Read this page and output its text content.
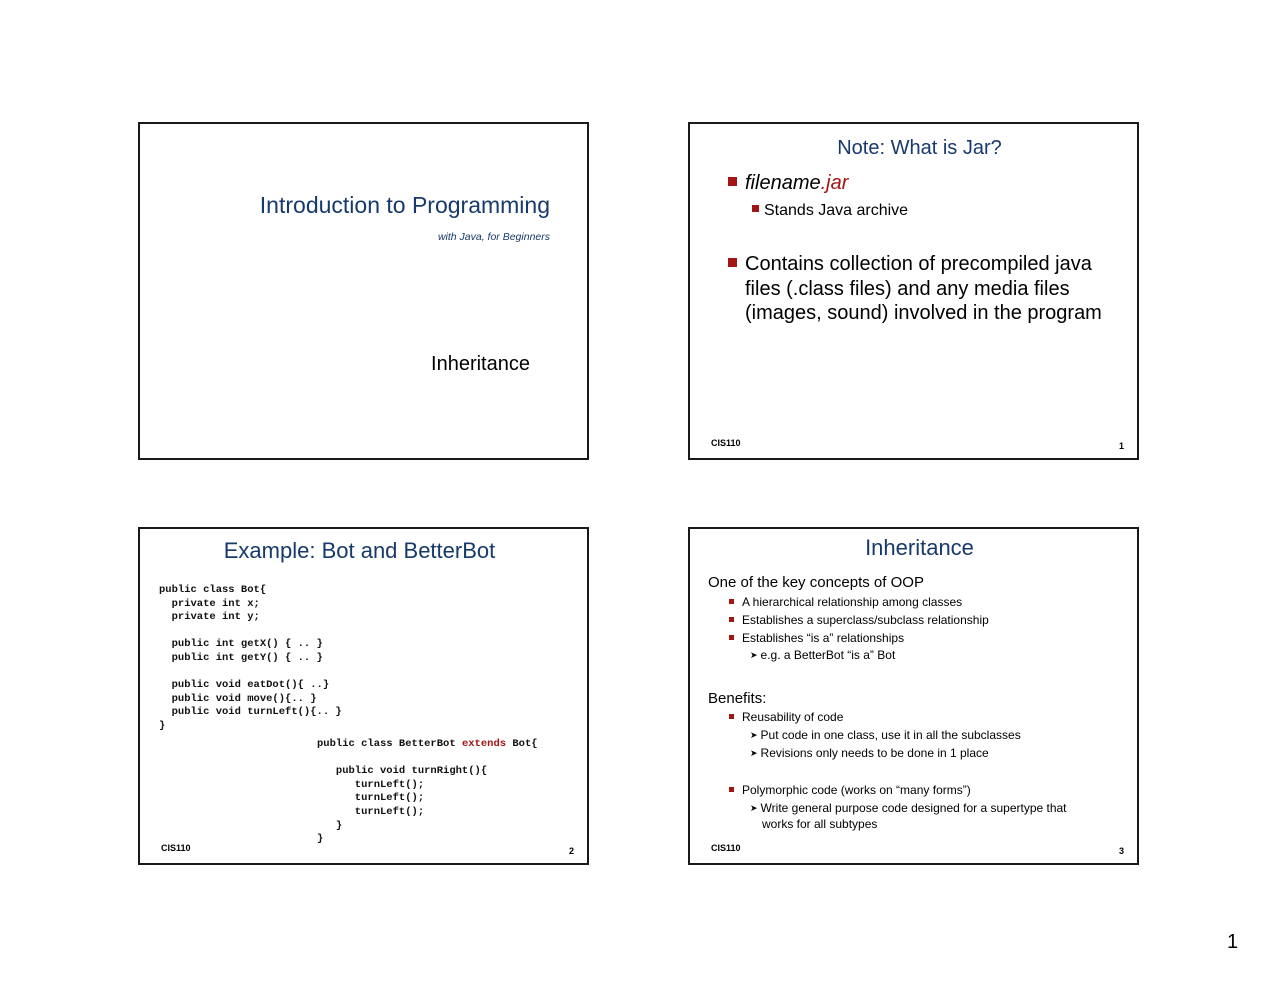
Introduction to Programming
with Java, for Beginners
Inheritance
Note: What is Jar?
filename.jar
Stands Java archive
Contains collection of precompiled java
files (.class files) and any media files
(images, sound) involved in the program
CIS110	1
Example: Bot and BetterBot
public class Bot{
private int x;
private int y;

public int getX() { .. }
public int getY() { .. }

public void eatDot(){ ..}
public void move(){.. }
public void turnLeft(){.. }
}
public class BetterBot extends Bot{

public void turnRight(){
turnLeft();
turnLeft();
turnLeft();
}
}
CIS110	2
Inheritance
One of the key concepts of OOP
A hierarchical relationship among classes
Establishes a superclass/subclass relationship
Establishes “is a” relationships
➤ e.g. a BetterBot “is a” Bot
Benefits:
Reusability of code
➤ Put code in one class, use it in all the subclasses
➤ Revisions only needs to be done in 1 place
Polymorphic code (works on “many forms”)
➤ Write general purpose code designed for a supertype that
works for all subtypes
CIS110	3
1
